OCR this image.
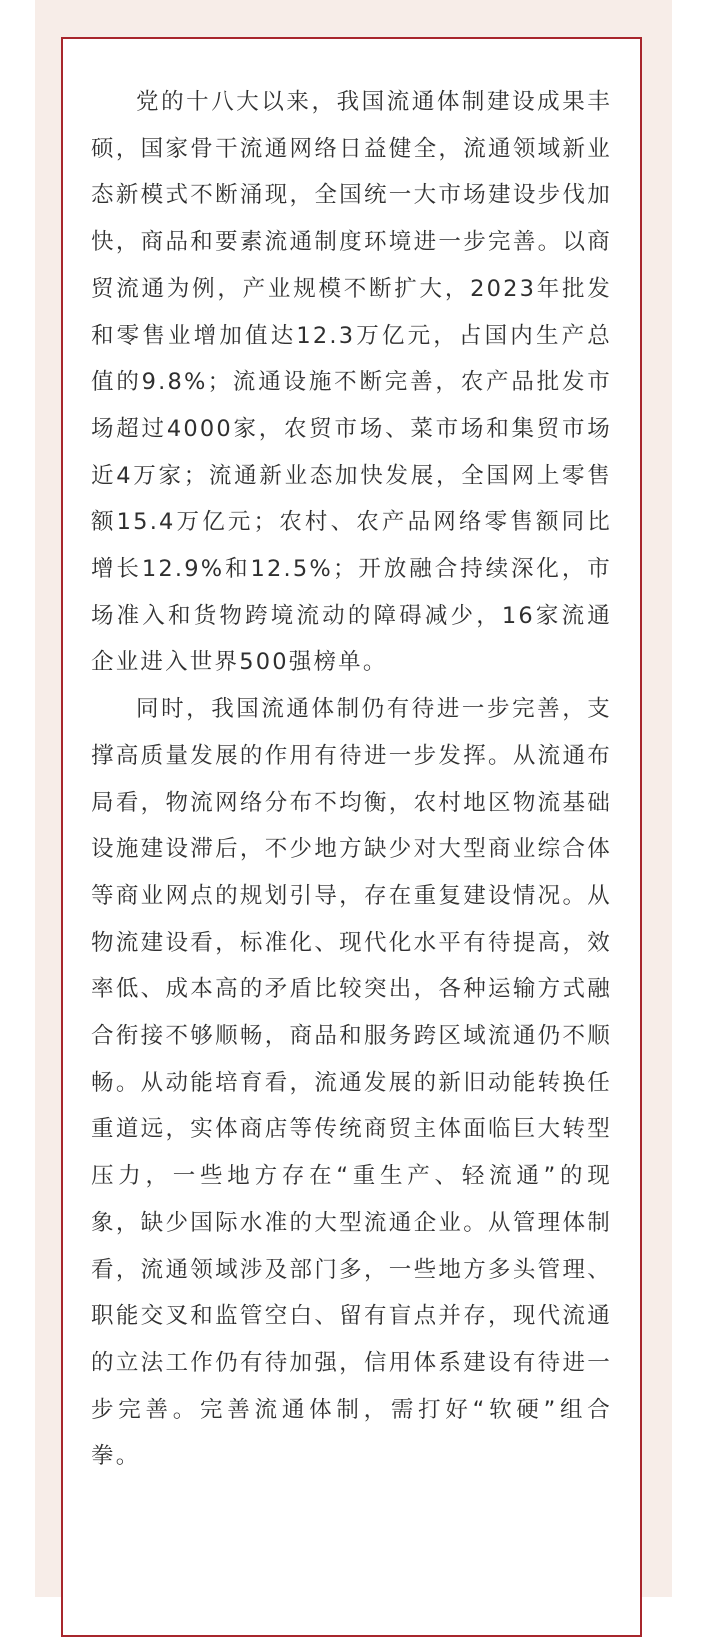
党的十八大以来，我国流通体制建设成果丰硕，国家骨干流通网络日益健全，流通领域新业态新模式不断涌现，全国统一大市场建设步伐加快，商品和要素流通制度环境进一步完善。以商贸流通为例，产业规模不断扩大，2023年批发和零售业增加值达12.3万亿元，占国内生产总值的9.8%；流通设施不断完善，农产品批发市场超过4000家，农贸市场、菜市场和集贸市场近4万家；流通新业态加快发展，全国网上零售额15.4万亿元；农村、农产品网络零售额同比增长12.9%和12.5%；开放融合持续深化，市场准入和货物跨境流动的障碍减少，16家流通企业进入世界500强榜单。

同时，我国流通体制仍有待进一步完善，支撑高质量发展的作用有待进一步发挥。从流通布局看，物流网络分布不均衡，农村地区物流基础设施建设滞后，不少地方缺少对大型商业综合体等商业网点的规划引导，存在重复建设情况。从物流建设看，标准化、现代化水平有待提高，效率低、成本高的矛盾比较突出，各种运输方式融合衔接不够顺畅，商品和服务跨区域流通仍不顺畅。从动能培育看，流通发展的新旧动能转换任重道远，实体商店等传统商贸主体面临巨大转型压力，一些地方存在“重生产、轻流通”的现象，缺少国际水准的大型流通企业。从管理体制看，流通领域涉及部门多，一些地方多头管理、职能交叉和监管空白、留有盲点并存，现代流通的立法工作仍有待加强，信用体系建设有待进一步完善。完善流通体制，需打好“软硬”组合拳。
